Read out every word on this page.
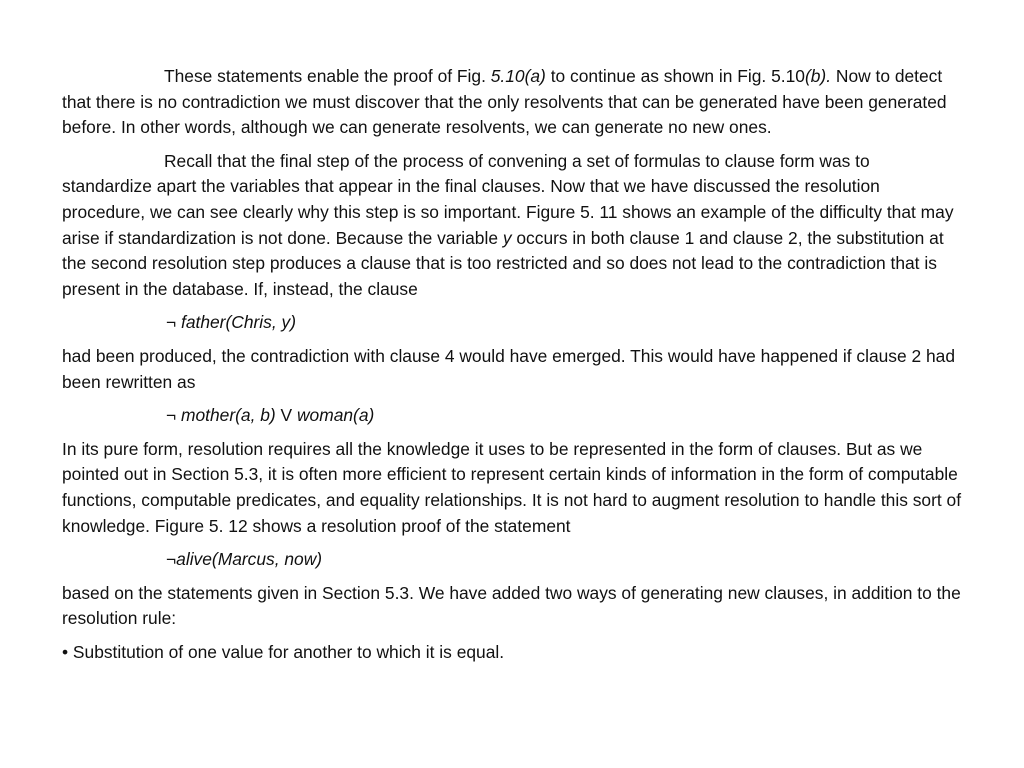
These statements enable the proof of Fig. 5.10(a) to continue as shown in Fig. 5.10(b). Now to detect that there is no contradiction we must discover that the only resolvents that can be generated have been generated before. In other words, although we can generate resolvents, we can generate no new ones.

Recall that the final step of the process of convening a set of formulas to clause form was to standardize apart the variables that appear in the final clauses. Now that we have discussed the resolution procedure, we can see clearly why this step is so important. Figure 5. 11 shows an example of the difficulty that may arise if standardization is not done. Because the variable y occurs in both clause 1 and clause 2, the substitution at the second resolution step produces a clause that is too restricted and so does not lead to the contradiction that is present in the database. If, instead, the clause

¬ father(Chris, y)

had been produced, the contradiction with clause 4 would have emerged. This would have happened if clause 2 had been rewritten as

¬ mother(a, b) V woman(a)

In its pure form, resolution requires all the knowledge it uses to be represented in the form of clauses. But as we pointed out in Section 5.3, it is often more efficient to represent certain kinds of information in the form of computable functions, computable predicates, and equality relationships. It is not hard to augment resolution to handle this sort of knowledge. Figure 5. 12 shows a resolution proof of the statement

¬alive(Marcus, now)

based on the statements given in Section 5.3. We have added two ways of generating new clauses, in addition to the resolution rule:

• Substitution of one value for another to which it is equal.
